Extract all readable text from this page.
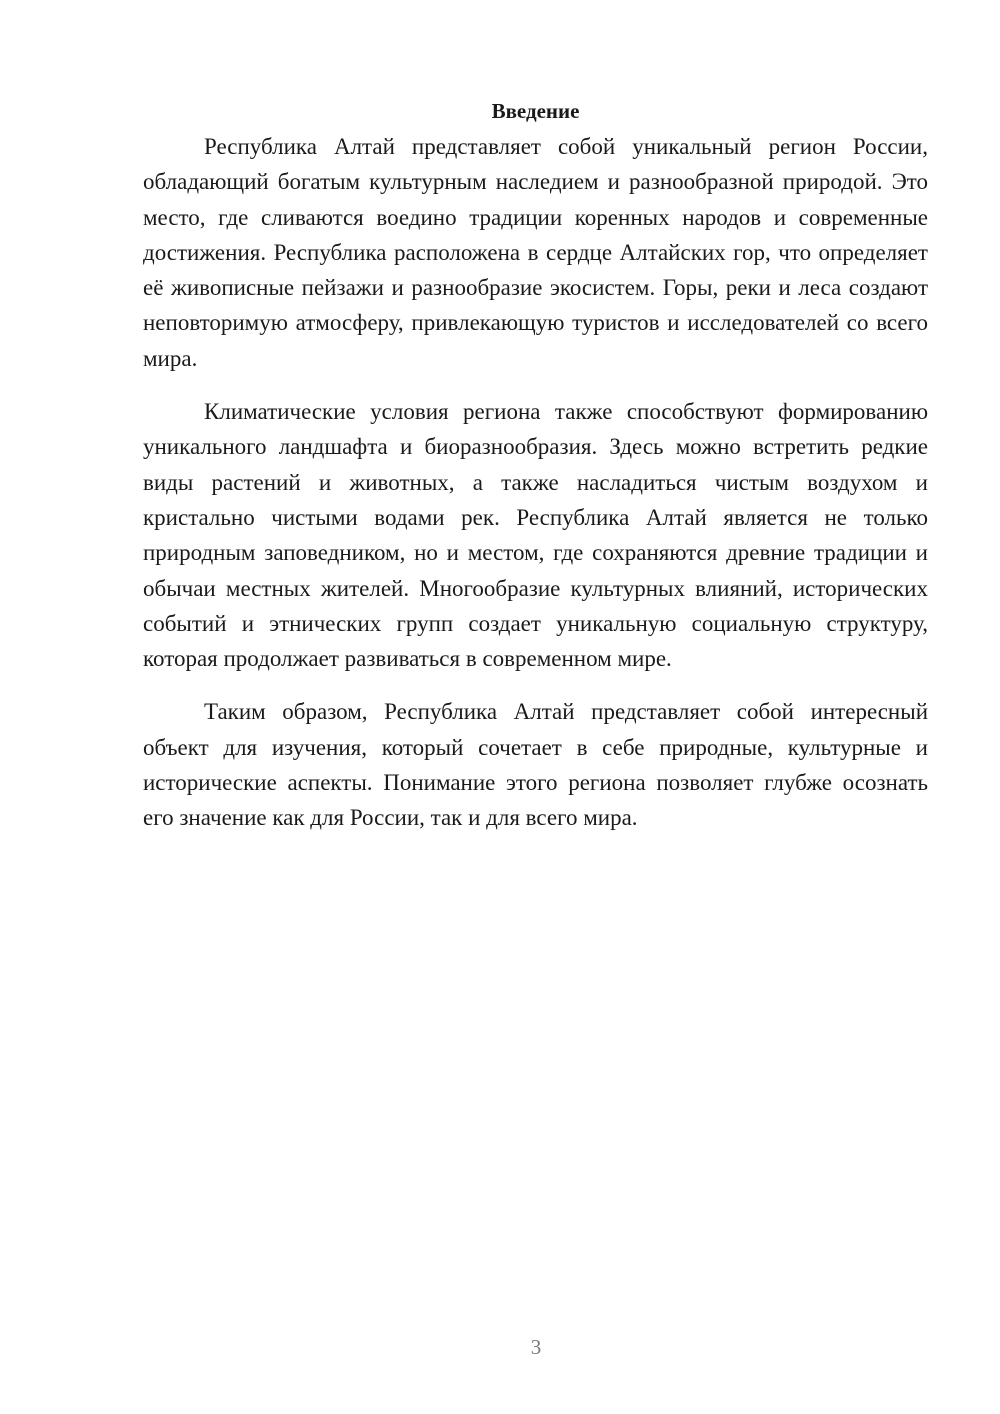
Введение

Республика Алтай представляет собой уникальный регион России, обладающий богатым культурным наследием и разнообразной природой. Это место, где сливаются воедино традиции коренных народов и современные достижения. Республика расположена в сердце Алтайских гор, что определяет её живописные пейзажи и разнообразие экосистем. Горы, реки и леса создают неповторимую атмосферу, привлекающую туристов и исследователей со всего мира.

Климатические условия региона также способствуют формированию уникального ландшафта и биоразнообразия. Здесь можно встретить редкие виды растений и животных, а также насладиться чистым воздухом и кристально чистыми водами рек. Республика Алтай является не только природным заповедником, но и местом, где сохраняются древние традиции и обычаи местных жителей. Многообразие культурных влияний, исторических событий и этнических групп создает уникальную социальную структуру, которая продолжает развиваться в современном мире.

Таким образом, Республика Алтай представляет собой интересный объект для изучения, который сочетает в себе природные, культурные и исторические аспекты. Понимание этого региона позволяет глубже осознать его значение как для России, так и для всего мира.

3
